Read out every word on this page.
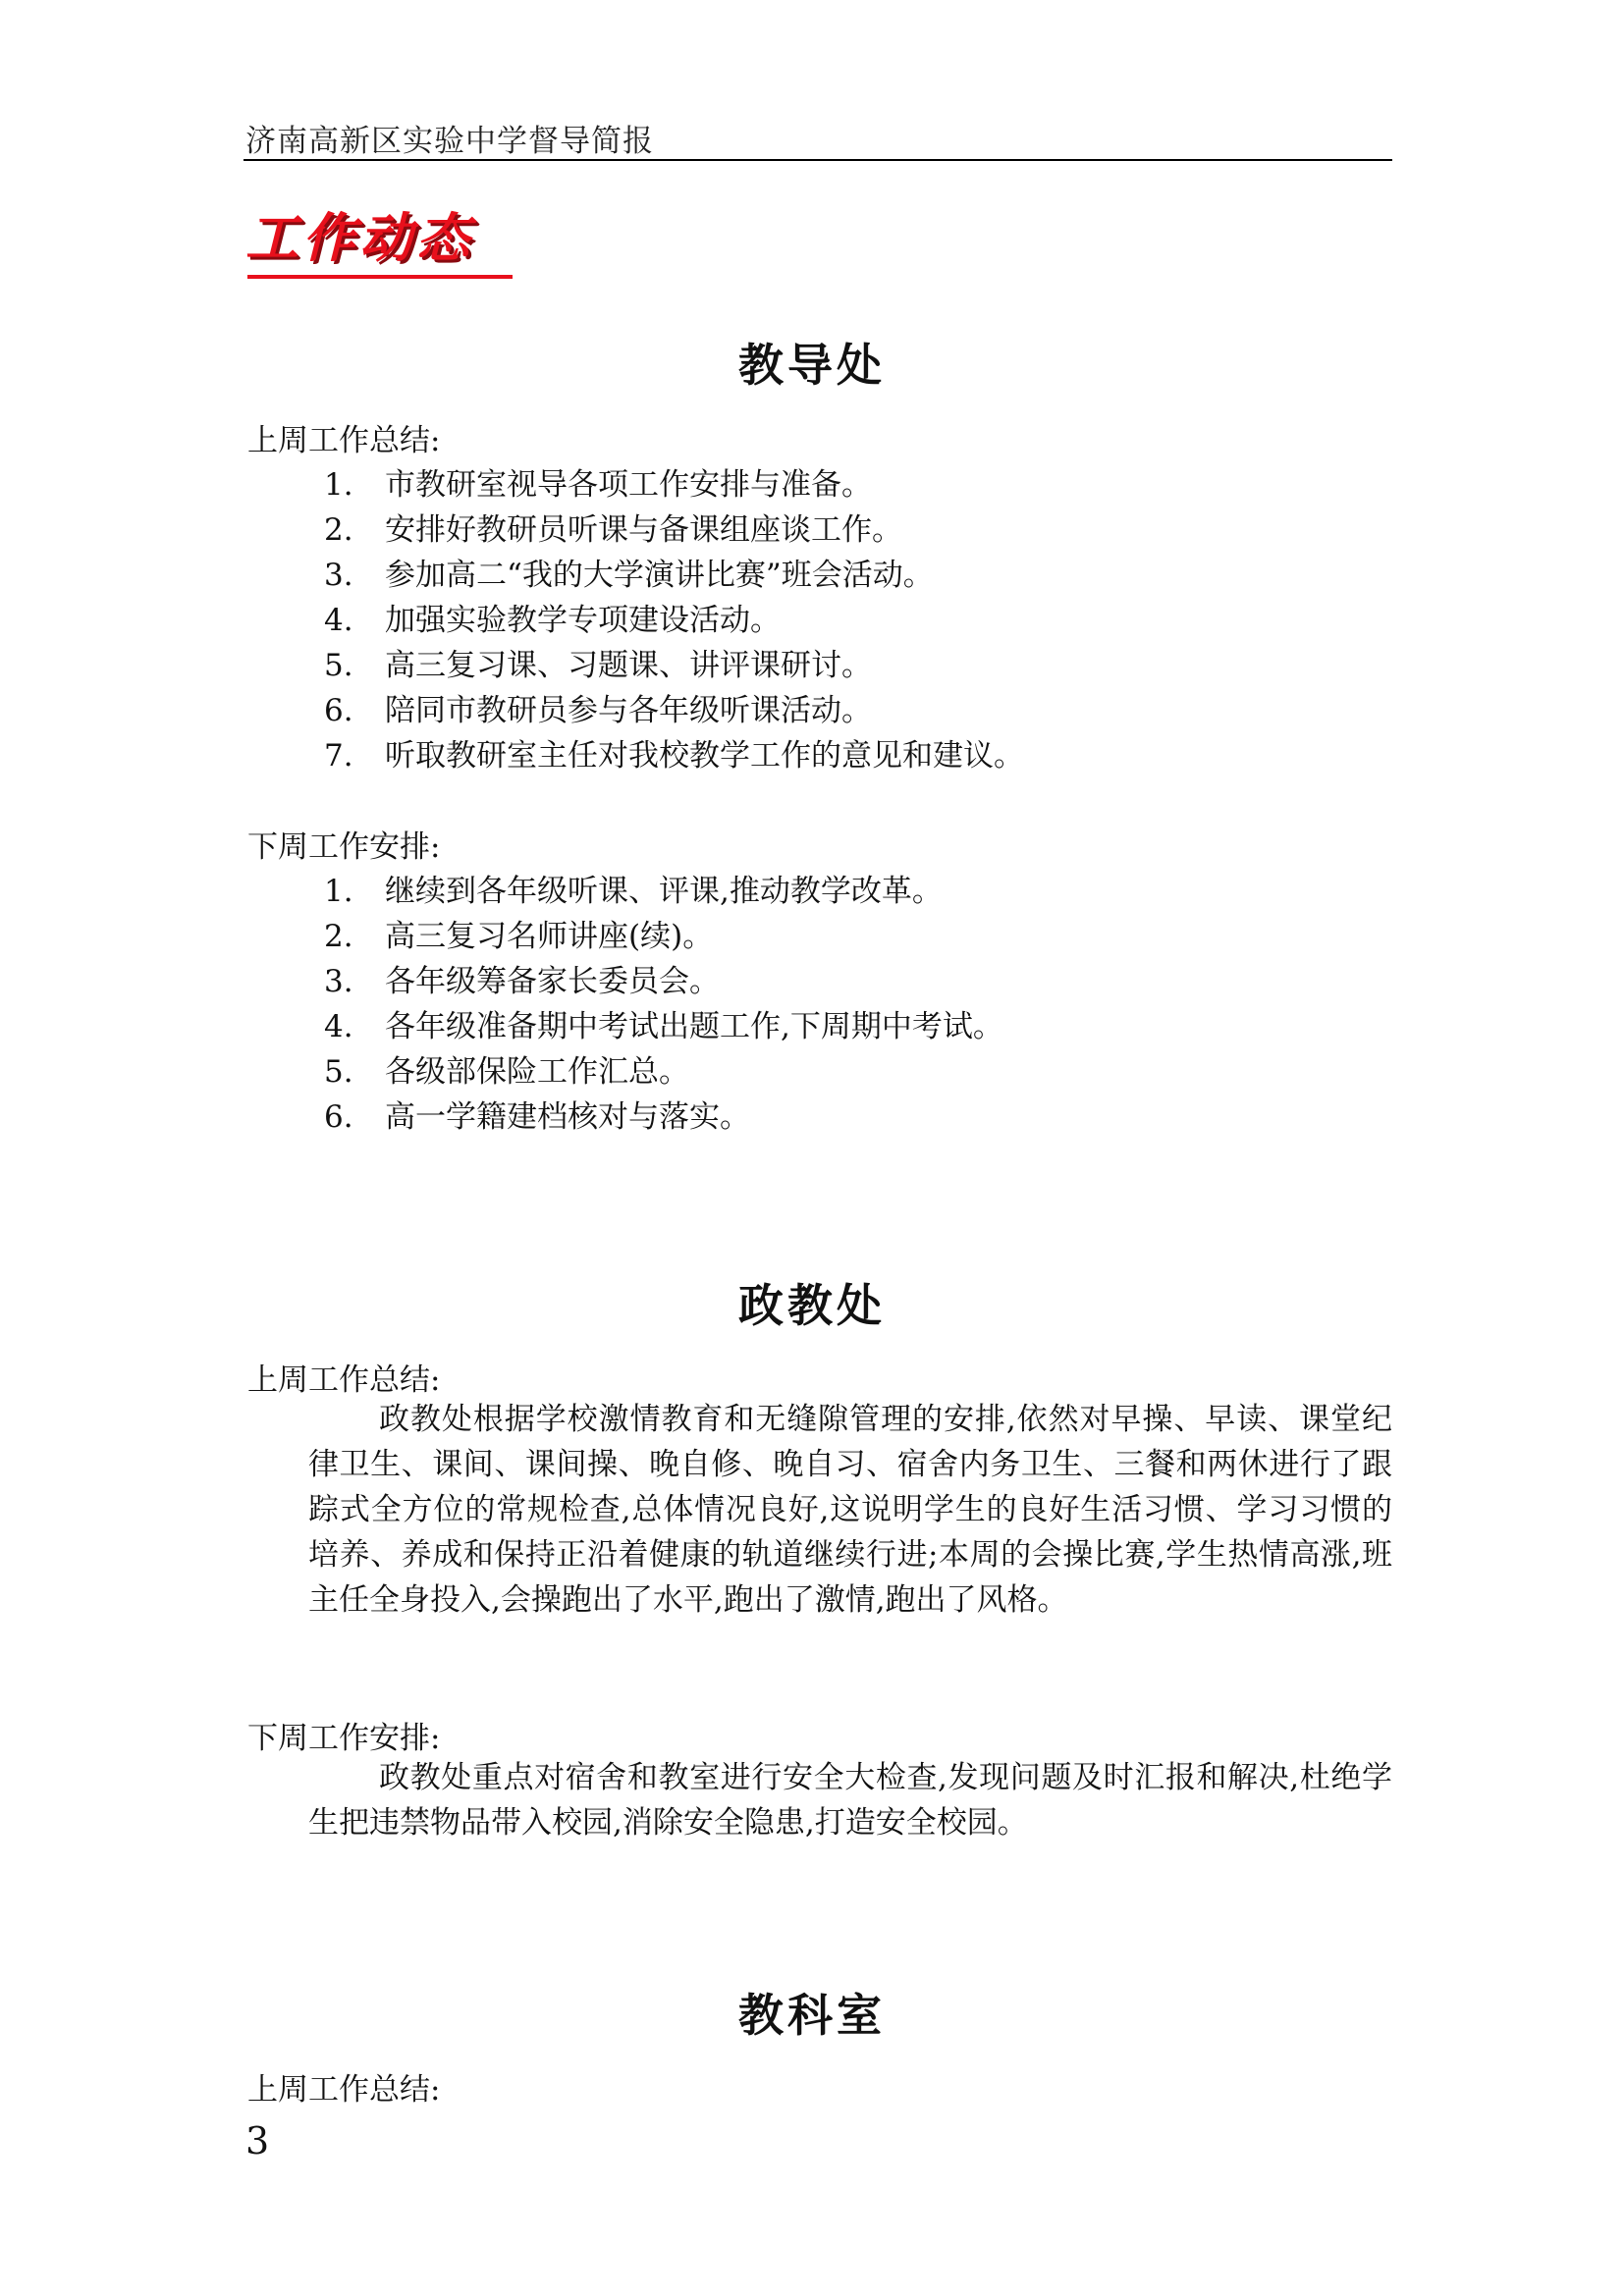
济南高新区实验中学督导简报
工作动态
教导处
上周工作总结:
1. 市教研室视导各项工作安排与准备。
2. 安排好教研员听课与备课组座谈工作。
3. 参加高二“我的大学演讲比赛”班会活动。
4. 加强实验教学专项建设活动。
5. 高三复习课、习题课、讲评课研讨。
6. 陪同市教研员参与各年级听课活动。
7. 听取教研室主任对我校教学工作的意见和建议。
下周工作安排:
1. 继续到各年级听课、评课,推动教学改革。
2. 高三复习名师讲座(续)。
3. 各年级筹备家长委员会。
4. 各年级准备期中考试出题工作,下周期中考试。
5. 各级部保险工作汇总。
6. 高一学籍建档核对与落实。
政教处
上周工作总结:

政教处根据学校激情教育和无缝隙管理的安排,依然对早操、早读、课堂纪律卫生、课间、课间操、晚自修、晚自习、宿舍内务卫生、三餐和两休进行了跟踪式全方位的常规检查,总体情况良好,这说明学生的良好生活习惯、学习习惯的培养、养成和保持正沿着健康的轨道继续行进;本周的会操比赛,学生热情高涨,班主任全身投入,会操跑出了水平,跑出了激情,跑出了风格。

下周工作安排:

政教处重点对宿舍和教室进行安全大检查,发现问题及时汇报和解决,杜绝学生把违禁物品带入校园,消除安全隐患,打造安全校园。

教科室
上周工作总结:
3
